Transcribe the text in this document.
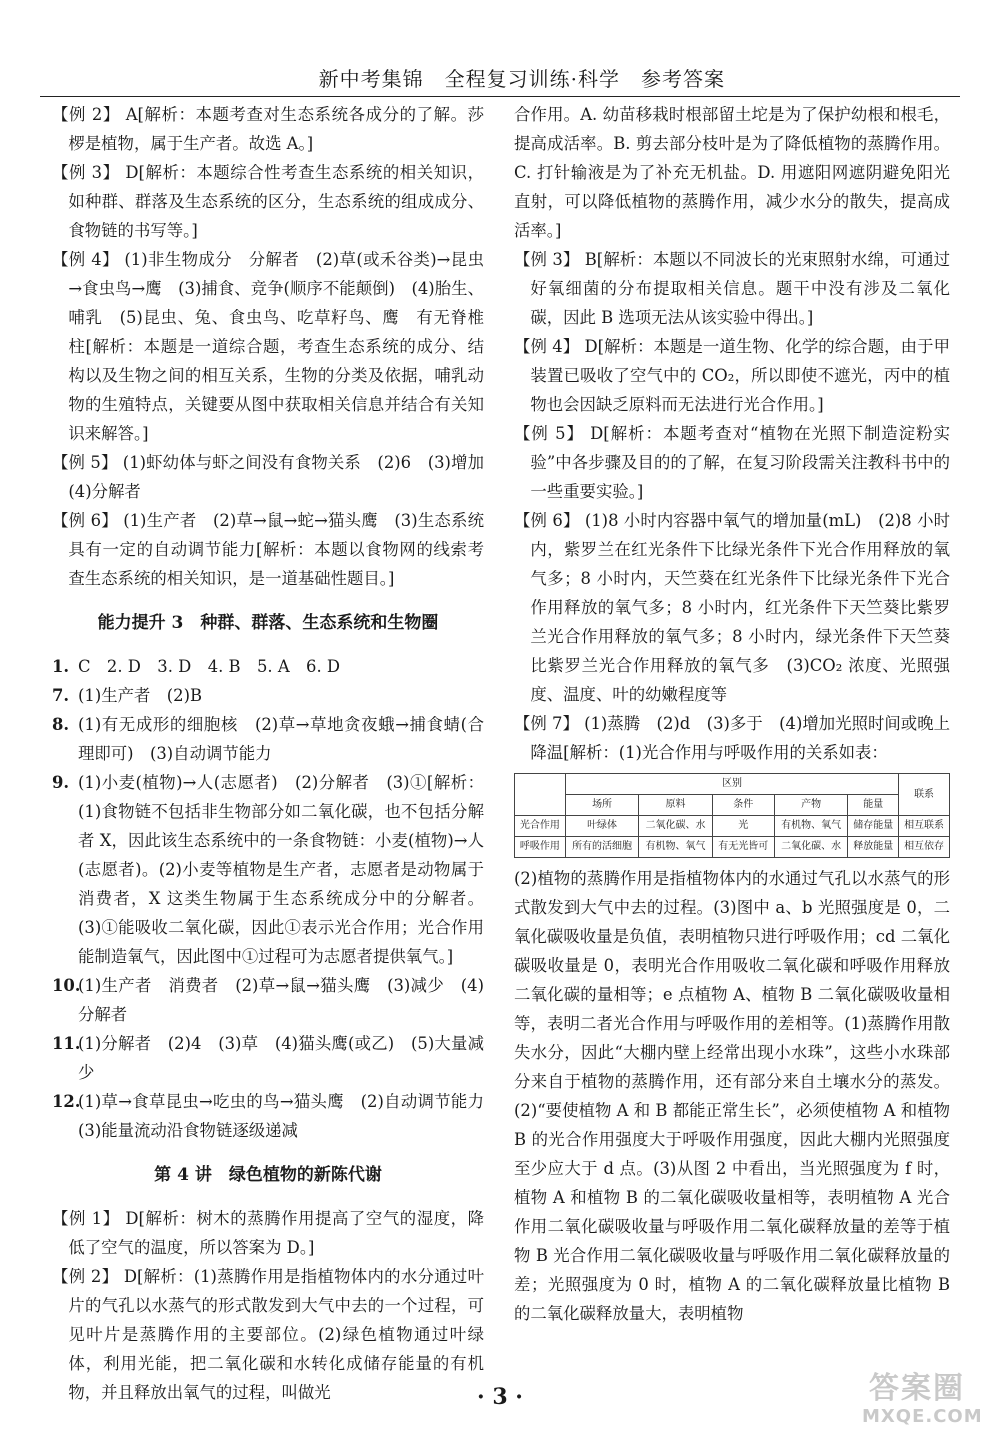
新中考集锦　全程复习训练·科学　参考答案

【例 2】 A[解析：本题考查对生态系统各成分的了解。莎椤是植物，属于生产者。故选 A。]

【例 3】 D[解析：本题综合性考查生态系统的相关知识，如种群、群落及生态系统的区分，生态系统的组成成分、食物链的书写等。]

【例 4】 (1)非生物成分　分解者　(2)草(或禾谷类)→昆虫→食虫鸟→鹰　(3)捕食、竞争(顺序不能颠倒)　(4)胎生、哺乳　(5)昆虫、兔、食虫鸟、吃草籽鸟、鹰　有无脊椎柱[解析：本题是一道综合题，考查生态系统的成分、结构以及生物之间的相互关系，生物的分类及依据，哺乳动物的生殖特点，关键要从图中获取相关信息并结合有关知识来解答。]

【例 5】 (1)虾幼体与虾之间没有食物关系　(2)6　(3)增加　(4)分解者

【例 6】 (1)生产者　(2)草→鼠→蛇→猫头鹰　(3)生态系统具有一定的自动调节能力[解析：本题以食物网的线索考查生态系统的相关知识，是一道基础性题目。]

能力提升 3　种群、群落、生态系统和生物圈
1. C　2. D　3. D　4. B　5. A　6. D
7. (1)生产者　(2)B
8. (1)有无成形的细胞核　(2)草→草地贪夜蛾→捕食蜻(合理即可)　(3)自动调节能力
9. (1)小麦(植物)→人(志愿者)　(2)分解者　(3)①[解析：(1)食物链不包括非生物部分如二氧化碳，也不包括分解者 X，因此该生态系统中的一条食物链：小麦(植物)→人(志愿者)。(2)小麦等植物是生产者，志愿者是动物属于消费者，X 这类生物属于生态系统成分中的分解者。(3)①能吸收二氧化碳，因此①表示光合作用；光合作用能制造氧气，因此图中①过程可为志愿者提供氧气。]
10.
(1)生产者　消费者　(2)草→鼠→猫头鹰　(3)减少　(4)分解者
11.
(1)分解者　(2)4　(3)草　(4)猫头鹰(或乙)　(5)大量减少
12.
(1)草→食草昆虫→吃虫的鸟→猫头鹰　(2)自动调节能力　(3)能量流动沿食物链逐级递减
第 4 讲　绿色植物的新陈代谢

【例 1】 D[解析：树木的蒸腾作用提高了空气的湿度，降低了空气的温度，所以答案为 D。]

【例 2】 D[解析：(1)蒸腾作用是指植物体内的水分通过叶片的气孔以水蒸气的形式散发到大气中去的一个过程，可见叶片是蒸腾作用的主要部位。(2)绿色植物通过叶绿体，利用光能，把二氧化碳和水转化成储存能量的有机物，并且释放出氧气的过程，叫做光

合作用。A. 幼苗移栽时根部留土坨是为了保护幼根和根毛，提高成活率。B. 剪去部分枝叶是为了降低植物的蒸腾作用。C. 打针输液是为了补充无机盐。D. 用遮阳网遮阴避免阳光直射，可以降低植物的蒸腾作用，减少水分的散失，提高成活率。]

【例 3】 B[解析：本题以不同波长的光束照射水绵，可通过好氧细菌的分布提取相关信息。题干中没有涉及二氧化碳，因此 B 选项无法从该实验中得出。]

【例 4】 D[解析：本题是一道生物、化学的综合题，由于甲装置已吸收了空气中的 CO₂，所以即使不遮光，丙中的植物也会因缺乏原料而无法进行光合作用。]

【例 5】 D[解析：本题考查对“植物在光照下制造淀粉实验”中各步骤及目的的了解，在复习阶段需关注教科书中的一些重要实验。]

【例 6】 (1)8 小时内容器中氧气的增加量(mL)　(2)8 小时内，紫罗兰在红光条件下比绿光条件下光合作用释放的氧气多；8 小时内，天竺葵在红光条件下比绿光条件下光合作用释放的氧气多；8 小时内，红光条件下天竺葵比紫罗兰光合作用释放的氧气多；8 小时内，绿光条件下天竺葵比紫罗兰光合作用释放的氧气多　(3)CO₂ 浓度、光照强度、温度、叶的幼嫩程度等

【例 7】 (1)蒸腾　(2)d　(3)多于　(4)增加光照时间或晚上降温[解析：(1)光合作用与呼吸作用的关系如表：

	区别					联系
	场所	原料	条件	产物	能量	
光合作用	叶绿体	二氧化碳、水	光	有机物、氧气	储存能量	相互联系
呼吸作用	所有的活细胞	有机物、氧气	有无光皆可	二氧化碳、水	释放能量	相互依存

(2)植物的蒸腾作用是指植物体内的水通过气孔以水蒸气的形式散发到大气中去的过程。(3)图中 a、b 光照强度是 0，二氧化碳吸收量是负值，表明植物只进行呼吸作用；cd 二氧化碳吸收量是 0，表明光合作用吸收二氧化碳和呼吸作用释放二氧化碳的量相等；e 点植物 A、植物 B 二氧化碳吸收量相等，表明二者光合作用与呼吸作用的差相等。(1)蒸腾作用散失水分，因此“大棚内壁上经常出现小水珠”，这些小水珠部分来自于植物的蒸腾作用，还有部分来自土壤水分的蒸发。(2)“要使植物 A 和 B 都能正常生长”，必须使植物 A 和植物 B 的光合作用强度大于呼吸作用强度，因此大棚内光照强度至少应大于 d 点。(3)从图 2 中看出，当光照强度为 f 时，植物 A 和植物 B 的二氧化碳吸收量相等，表明植物 A 光合作用二氧化碳吸收量与呼吸作用二氧化碳释放量的差等于植物 B 光合作用二氧化碳吸收量与呼吸作用二氧化碳释放量的差；光照强度为 0 时，植物 A 的二氧化碳释放量比植物 B 的二氧化碳释放量大，表明植物

· 3 ·	答案圈
MXQE.COM
